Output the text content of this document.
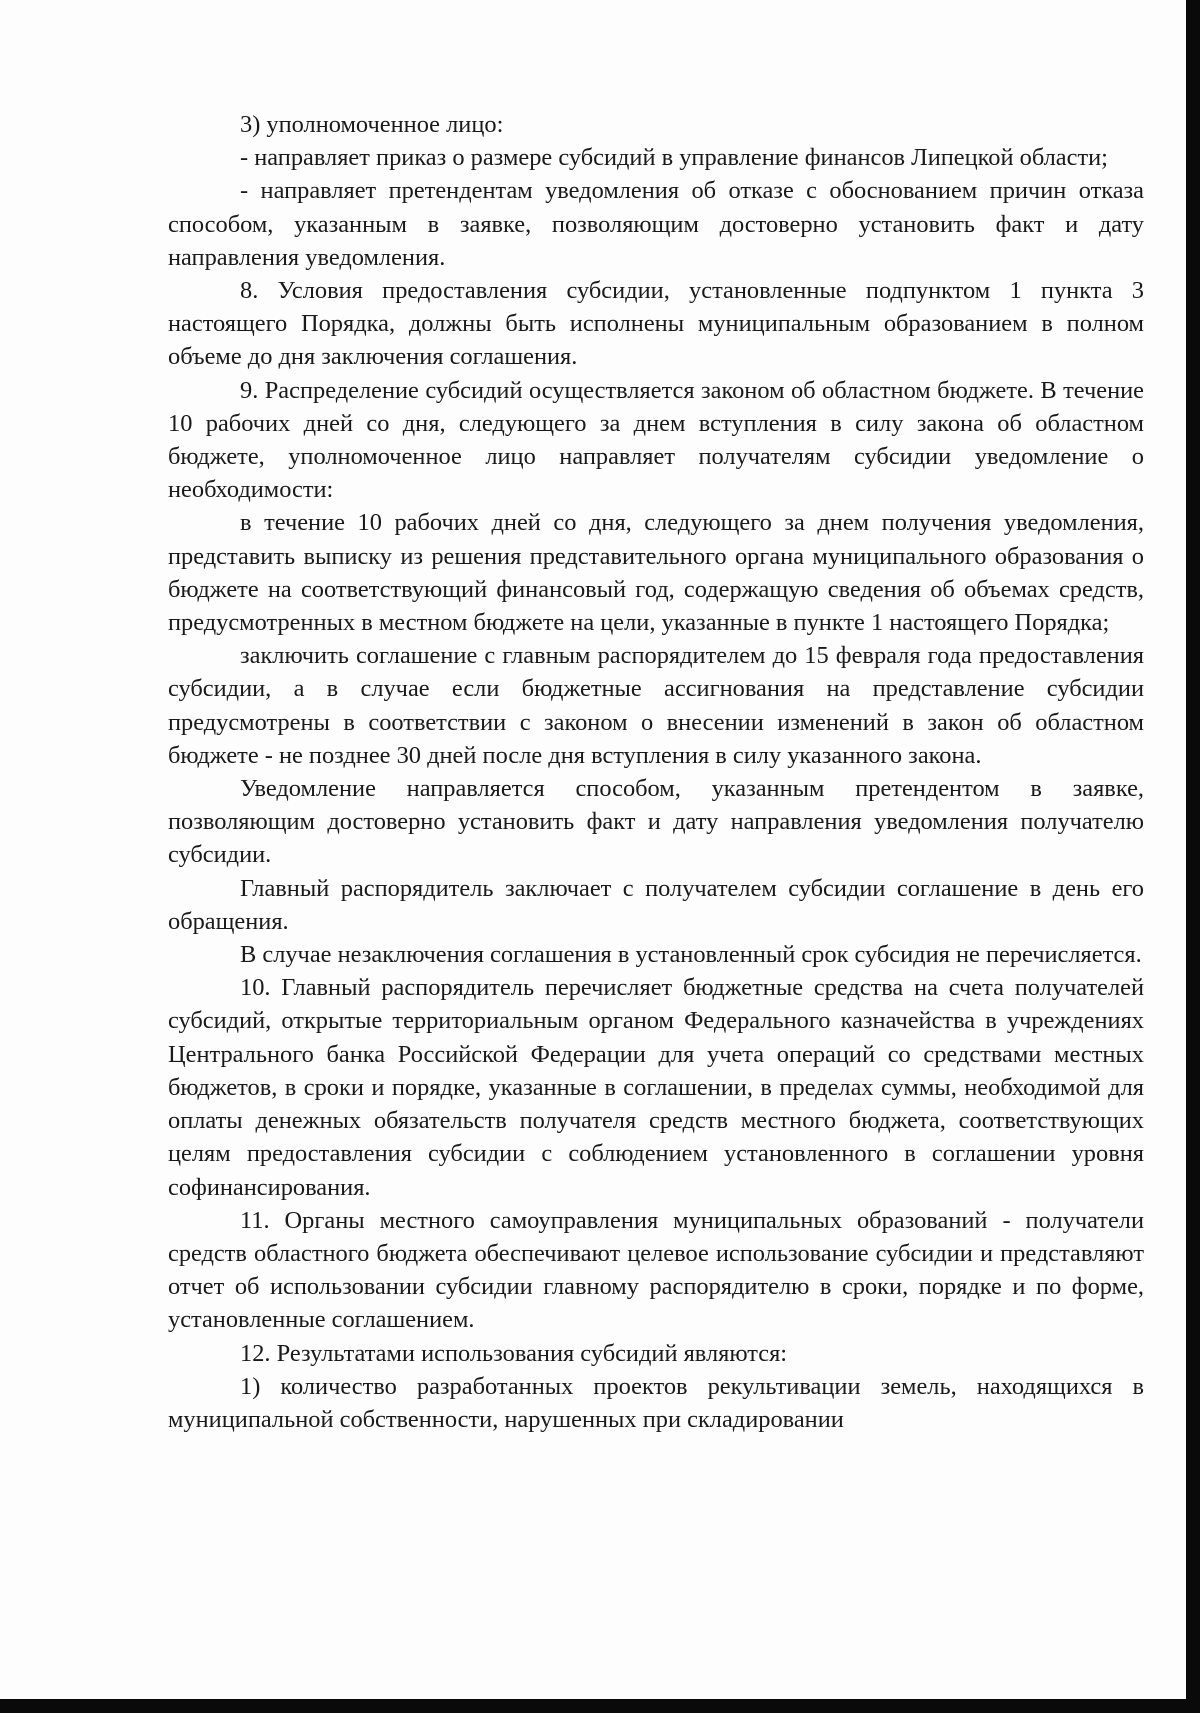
3) уполномоченное лицо:

- направляет приказ о размере субсидий в управление финансов Липецкой области;

- направляет претендентам уведомления об отказе с обоснованием причин отказа способом, указанным в заявке, позволяющим достоверно установить факт и дату направления уведомления.

8. Условия предоставления субсидии, установленные подпунктом 1 пункта 3 настоящего Порядка, должны быть исполнены муниципальным образованием в полном объеме до дня заключения соглашения.

9. Распределение субсидий осуществляется законом об областном бюджете. В течение 10 рабочих дней со дня, следующего за днем вступления в силу закона об областном бюджете, уполномоченное лицо направляет получателям субсидии уведомление о необходимости:

в течение 10 рабочих дней со дня, следующего за днем получения уведомления, представить выписку из решения представительного органа муниципального образования о бюджете на соответствующий финансовый год, содержащую сведения об объемах средств, предусмотренных в местном бюджете на цели, указанные в пункте 1 настоящего Порядка;

заключить соглашение с главным распорядителем до 15 февраля года предоставления субсидии, а в случае если бюджетные ассигнования на представление субсидии предусмотрены в соответствии с законом о внесении изменений в закон об областном бюджете - не позднее 30 дней после дня вступления в силу указанного закона.

Уведомление направляется способом, указанным претендентом в заявке, позволяющим достоверно установить факт и дату направления уведомления получателю субсидии.

Главный распорядитель заключает с получателем субсидии соглашение в день его обращения.

В случае незаключения соглашения в установленный срок субсидия не перечисляется.

10. Главный распорядитель перечисляет бюджетные средства на счета получателей субсидий, открытые территориальным органом Федерального казначейства в учреждениях Центрального банка Российской Федерации для учета операций со средствами местных бюджетов, в сроки и порядке, указанные в соглашении, в пределах суммы, необходимой для оплаты денежных обязательств получателя средств местного бюджета, соответствующих целям предоставления субсидии с соблюдением установленного в соглашении уровня софинансирования.

11. Органы местного самоуправления муниципальных образований - получатели средств областного бюджета обеспечивают целевое использование субсидии и представляют отчет об использовании субсидии главному распорядителю в сроки, порядке и по форме, установленные соглашением.

12. Результатами использования субсидий являются:

1) количество разработанных проектов рекультивации земель, находящихся в муниципальной собственности, нарушенных при складировании
